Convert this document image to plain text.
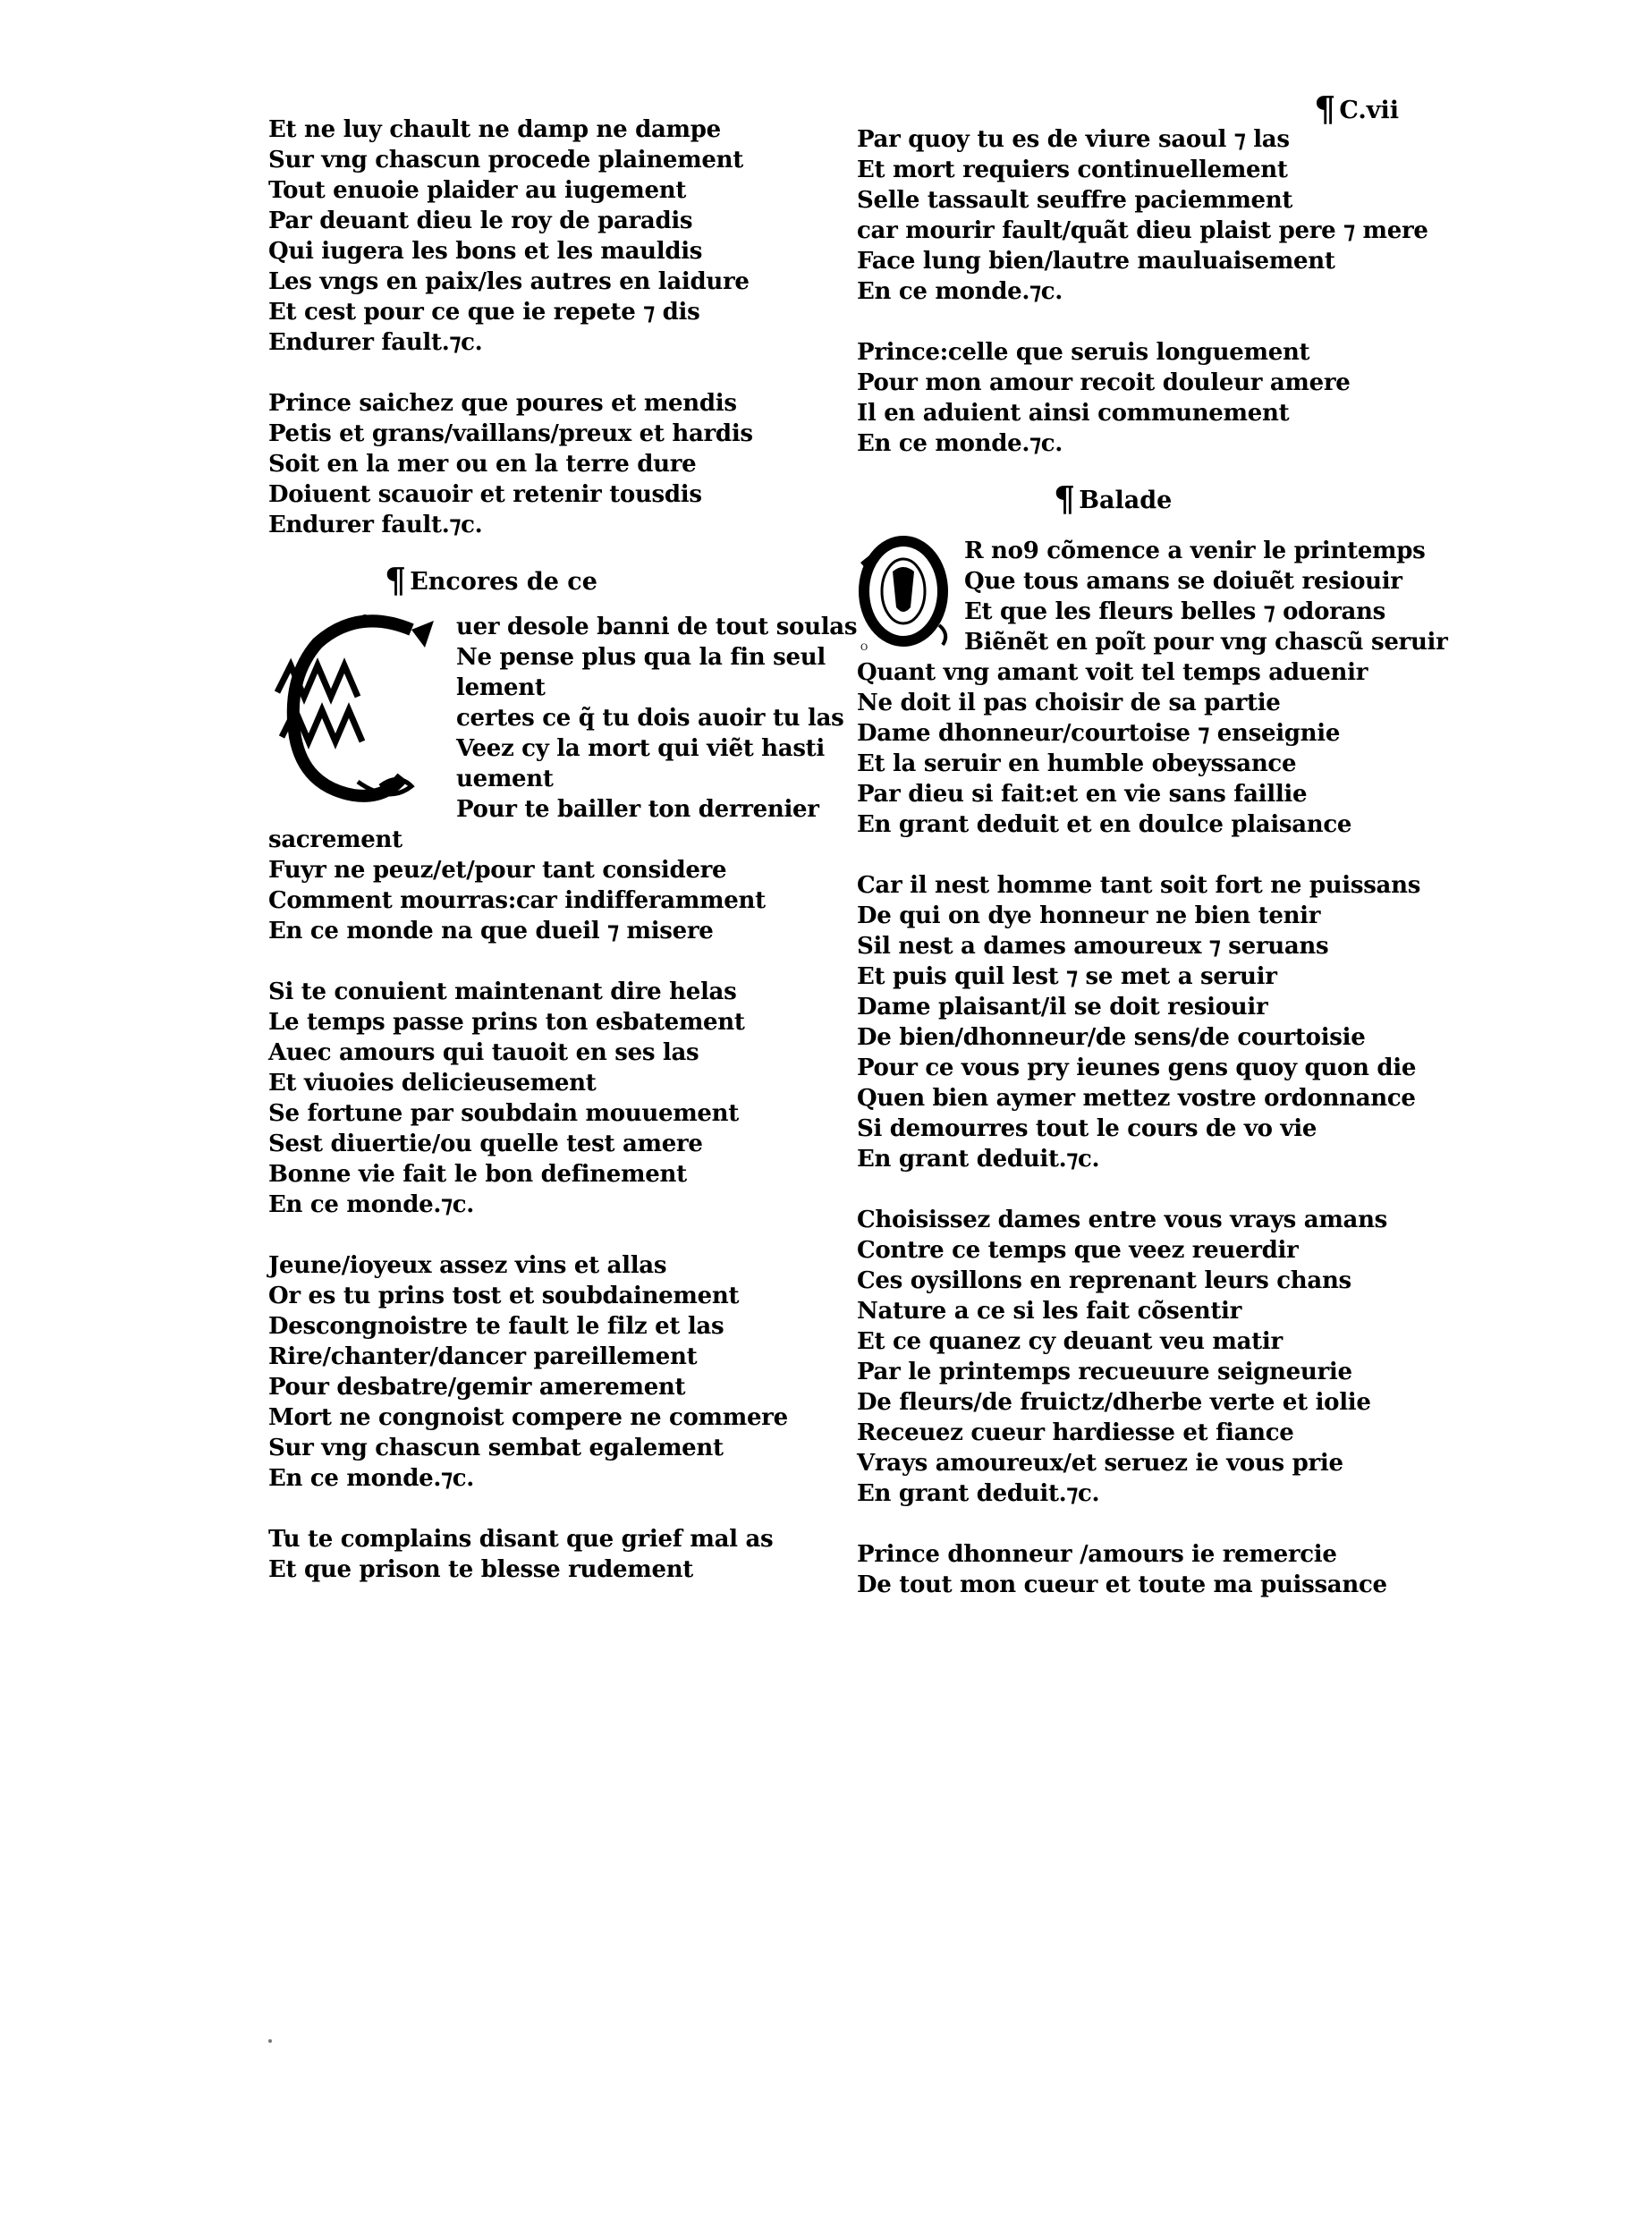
Et ne luy chault ne damp ne dampe
Sur vng chascun procede plainement
Tout enuoie plaider au iugement
Par deuant dieu le roy de paradis
Qui iugera les bons et les mauldis
Les vngs en paix/les autres en laidure
Et cest pour ce que ie repete ⁊ dis
Endurer fault.⁊c.
Prince saichez que poures et mendis
Petis et grans/vaillans/preux et hardis
Soit en la mer ou en la terre dure
Doiuent scauoir et retenir tousdis
Endurer fault.⁊c.
¶ Encores de ce
C	uer desole banni de tout soulas
Ne pense plus qua la fin seul
lement
certes ce q̃ tu dois auoir tu las
Veez cy la mort qui viẽt hasti
uement
Pour te bailler ton derrenier
sacrement
Fuyr ne peuz/et/pour tant considere
Comment mourras:car indifferamment
En ce monde na que dueil ⁊ misere
Si te conuient maintenant dire helas
Le temps passe prins ton esbatement
Auec amours qui tauoit en ses las
Et viuoies delicieusement
Se fortune par soubdain mouuement
Sest diuertie/ou quelle test amere
Bonne vie fait le bon definement
En ce monde.⁊c.
Jeune/ioyeux assez vins et allas
Or es tu prins tost et soubdainement
Descongnoistre te fault le filz et las
Rire/chanter/dancer pareillement
Pour desbatre/gemir amerement
Mort ne congnoist compere ne commere
Sur vng chascun sembat egalement
En ce monde.⁊c.
Tu te complains disant que grief mal as
Et que prison te blesse rudement
¶ C.vii
Par quoy tu es de viure saoul ⁊ las
Et mort requiers continuellement
Selle tassault seuffre paciemment
car mourir fault/quãt dieu plaist pere ⁊ mere
Face lung bien/lautre mauluaisement
En ce monde.⁊c.
Prince:celle que seruis longuement
Pour mon amour recoit douleur amere
Il en aduient ainsi communement
En ce monde.⁊c.
¶ Balade
O
R no9 cõmence a venir le printemps
Que tous amans se doiuẽt resiouir
Et que les fleurs belles ⁊ odorans
Biẽnẽt en poĩt pour vng chascũ seruir
Quant vng amant voit tel temps aduenir
Ne doit il pas choisir de sa partie
Dame dhonneur/courtoise ⁊ enseignie
Et la seruir en humble obeyssance
Par dieu si fait:et en vie sans faillie
En grant deduit et en doulce plaisance
Car il nest homme tant soit fort ne puissans
De qui on dye honneur ne bien tenir
Sil nest a dames amoureux ⁊ seruans
Et puis quil lest ⁊ se met a seruir
Dame plaisant/il se doit resiouir
De bien/dhonneur/de sens/de courtoisie
Pour ce vous pry ieunes gens quoy quon die
Quen bien aymer mettez vostre ordonnance
Si demourres tout le cours de vo vie
En grant deduit.⁊c.
Choisissez dames entre vous vrays amans
Contre ce temps que veez reuerdir
Ces oysillons en reprenant leurs chans
Nature a ce si les fait cõsentir
Et ce quanez cy deuant veu matir
Par le printemps recueuure seigneurie
De fleurs/de fruictz/dherbe verte et iolie
Receuez cueur hardiesse et fiance
Vrays amoureux/et seruez ie vous prie
En grant deduit.⁊c.
Prince dhonneur /amours ie remercie
De tout mon cueur et toute ma puissance
